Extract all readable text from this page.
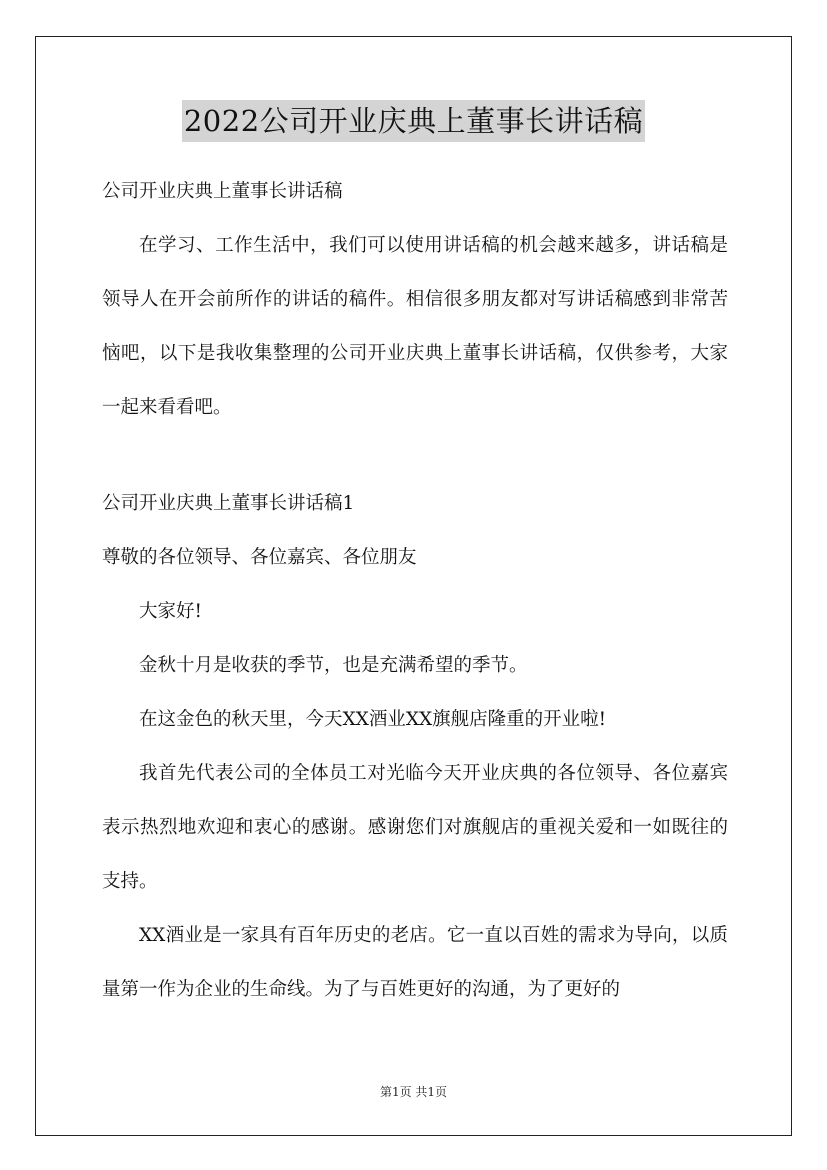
2022公司开业庆典上董事长讲话稿

公司开业庆典上董事长讲话稿

在学习、工作生活中，我们可以使用讲话稿的机会越来越多，讲话稿是领导人在开会前所作的讲话的稿件。相信很多朋友都对写讲话稿感到非常苦恼吧，以下是我收集整理的公司开业庆典上董事长讲话稿，仅供参考，大家一起来看看吧。

公司开业庆典上董事长讲话稿1

尊敬的各位领导、各位嘉宾、各位朋友

大家好!

金秋十月是收获的季节，也是充满希望的季节。

在这金色的秋天里，今天XX酒业XX旗舰店隆重的开业啦!

我首先代表公司的全体员工对光临今天开业庆典的各位领导、各位嘉宾表示热烈地欢迎和衷心的感谢。感谢您们对旗舰店的重视关爱和一如既往的支持。

XX酒业是一家具有百年历史的老店。它一直以百姓的需求为导向，以质量第一作为企业的生命线。为了与百姓更好的沟通，为了更好的

第1页 共1页
